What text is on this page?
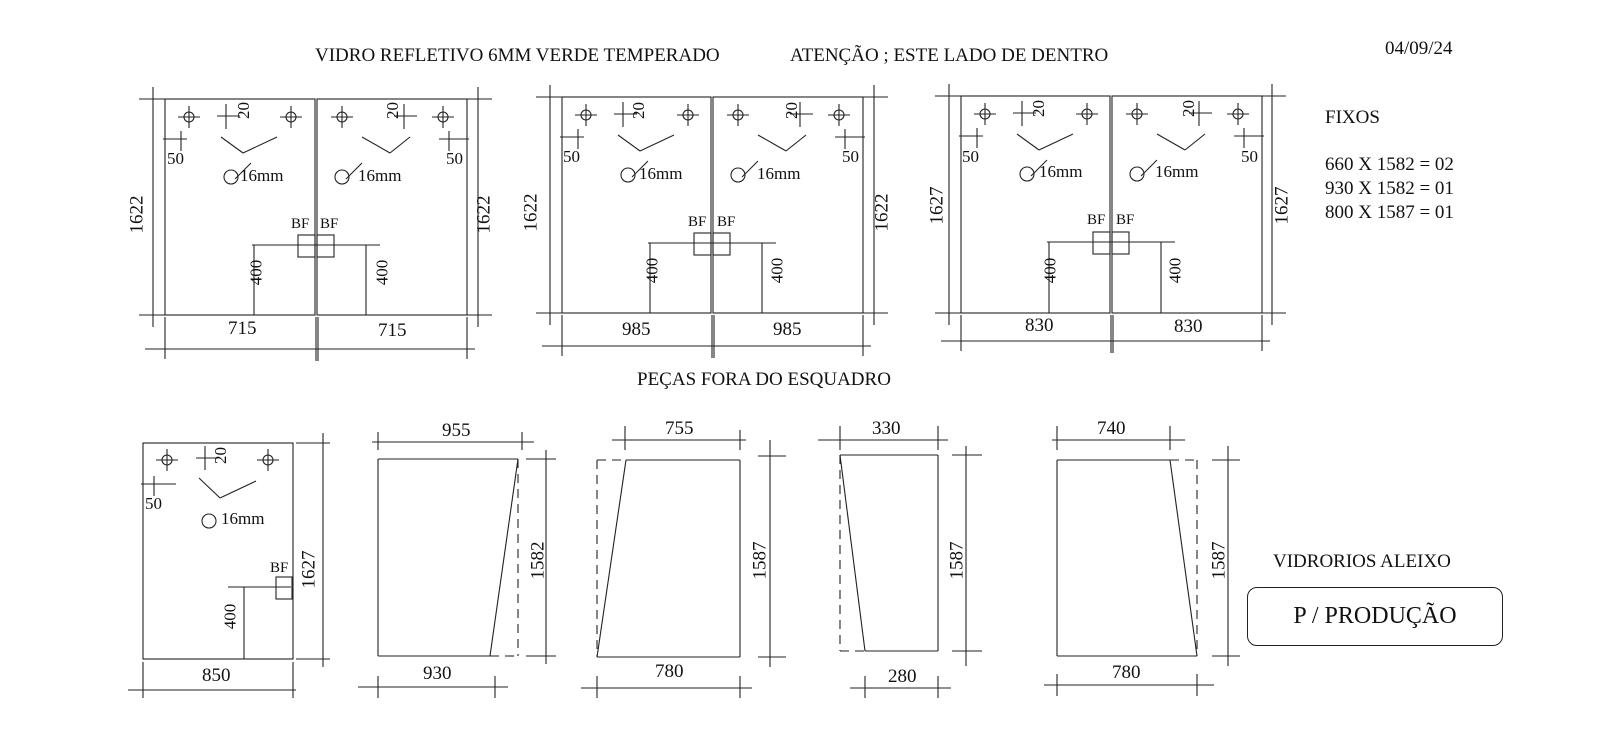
VIDRO REFLETIVO 6MM VERDE TEMPERADO	ATENÇÃO ; ESTE LADO DE DENTRO	04/09/24
FIXOS
660 X 1582 = 02
930 X 1582 = 01
800 X 1587 = 01
PEÇAS FORA DO ESQUADRO
1622	1622
715	715
20	20
50	50
16mm	16mm
BF BF
400	400
1622	1622
985	985
20	20
50	50
16mm	16mm
BF BF
400	400
1627	1627
830	830
20	20
50	50
16mm	16mm
BF BF
400	400
20
50
16mm
BF
400
1627
850
955
1582
930
755
1587
780
330
1587
280
740
1587
780
VIDRORIOS ALEIXO
P / PRODUÇÃO
